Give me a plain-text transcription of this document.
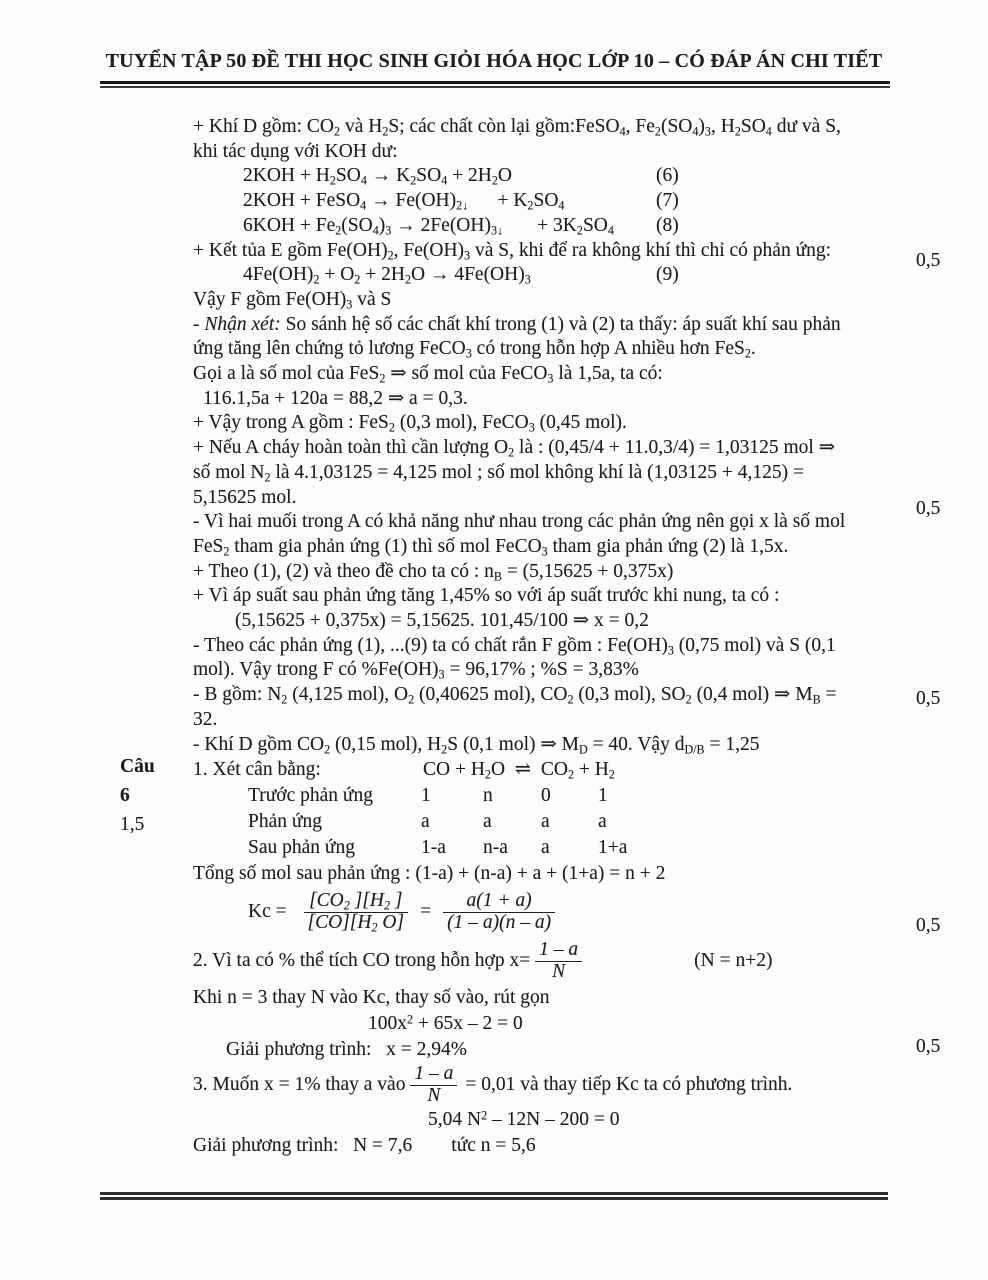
TUYỂN TẬP 50 ĐỀ THI HỌC SINH GIỎI HÓA HỌC LỚP 10 – CÓ ĐÁP ÁN CHI TIẾT
Câu
6
1,5
0,5
0,5
0,5
0,5
0,5
+ Khí D gồm: $CO_2$ và $H_2S$; các chất còn lại gồm:FeSO$_4$, $Fe_2(SO_4)_3$, $H_2SO_4$ dư và S,
khi tác dụng với KOH dư:
$2KOH + H_2SO_4 \to K_2SO_4 + 2H_2O$	(6)
2KOH + FeSO$_4$ → $Fe(OH)_{2↓}$      + $K_2SO_4$	(7)
$6KOH + Fe_2(SO_4)_3 \to 2Fe(OH)_{3↓}$       + $3K_2SO_4$ (8)
+ Kết tủa E gồm $Fe(OH)_2$, $Fe(OH)_3$ và S, khi để ra không khí thì chỉ có phản ứng:
$4Fe(OH)_2 + O_2 + 2H_2O \to 4Fe(OH)_3$	(9)
Vậy F gồm $Fe(OH)_3$ và S
- Nhận xét: So sánh hệ số các chất khí trong (1) và (2) ta thấy: áp suất khí sau phản
ứng tăng lên chứng tỏ lương FeCO$_3$ có trong hỗn hợp A nhiều hơn FeS$_2$.
Gọi a là số mol của FeS$_2$ ⇒ số mol của FeCO$_3$ là 1,5a, ta có:
116.1,5a + 120a = 88,2 ⇒ a = 0,3.
+ Vậy trong A gồm : FeS$_2$ (0,3 mol), FeCO$_3$ (0,45 mol).
+ Nếu A cháy hoàn toàn thì cần lượng $O_2$ là : (0,45/4 + 11.0,3/4) = 1,03125 mol ⇒
số mol $N_2$ là 4.1,03125 = 4,125 mol ; số mol không khí là (1,03125 + 4,125) =
5,15625 mol.
- Vì hai muối trong A có khả năng như nhau trong các phản ứng nên gọi x là số mol
FeS$_2$ tham gia phản ứng (1) thì số mol FeCO$_3$ tham gia phản ứng (2) là 1,5x.
+ Theo (1), (2) và theo đề cho ta có : $n_B = (5,15625 + 0,375x)$
+ Vì áp suất sau phản ứng tăng 1,45% so với áp suất trước khi nung, ta có :
(5,15625 + 0,375x) = 5,15625. 101,45/100 ⇒ x = 0,2
- Theo các phản ứng (1), ...(9) ta có chất rắn F gồm : $Fe(OH)_3$ (0,75 mol) và S (0,1
mol). Vậy trong F có $\%Fe(OH)_3 = 96,17\%$ ; %S = 3,83%
- B gồm: $N_2$ (4,125 mol), $O_2$ (0,40625 mol), $CO_2$ (0,3 mol), $SO_2$ (0,4 mol) ⇒ $M_B$ =
32.
- Khí D gồm $CO_2$ (0,15 mol), $H_2S$ (0,1 mol) ⇒ $M_D = 40$. Vậy $d_{D/B} = 1,25$
1. Xét cân bằng:	CO + $H_2O$  ⇌  $CO_2 + H_2$
Trước phản ứng 1	n 0 1
Phản ứng	a	a	a a
Sau phản ứng	1-a n-a a 1+a
Tổng số mol sau phản ứng : (1-a) + (n-a) + a + (1+a) = n + 2
$Kc = \frac{[CO_2 ][H_2 ]}{[CO][H_2 O]} = \frac{a(1 + a)}{(1 - a)(n - a)}$
2. Vì ta có % thể tích CO trong hỗn hợp $x= \frac{1 - a}{N}$	(N = n+2)
Khi n = 3 thay N vào Kc, thay số vào, rút gọn
$100x^2 + 65x - 2 = 0$
Giải phương trình:   x = 2,94%
3. Muốn x = 1% thay a vào $\frac{1 - a}{N} = 0,01$ và thay tiếp Kc ta có phương trình.
5,04 $N^2 - 12N - 200 = 0$
Giải phương trình:   N = 7,6        tức n = 5,6
